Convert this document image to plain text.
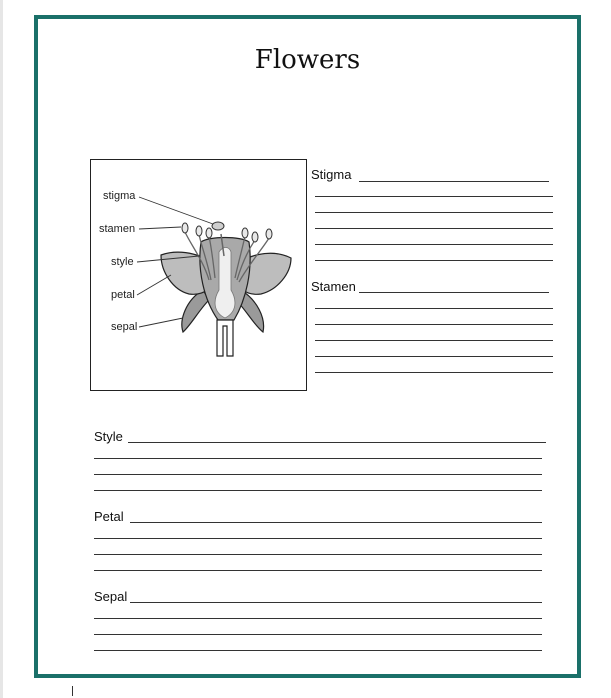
Flowers
stigma
stamen
style
petal
sepal
Stigma
Stamen
Style
Petal
Sepal
